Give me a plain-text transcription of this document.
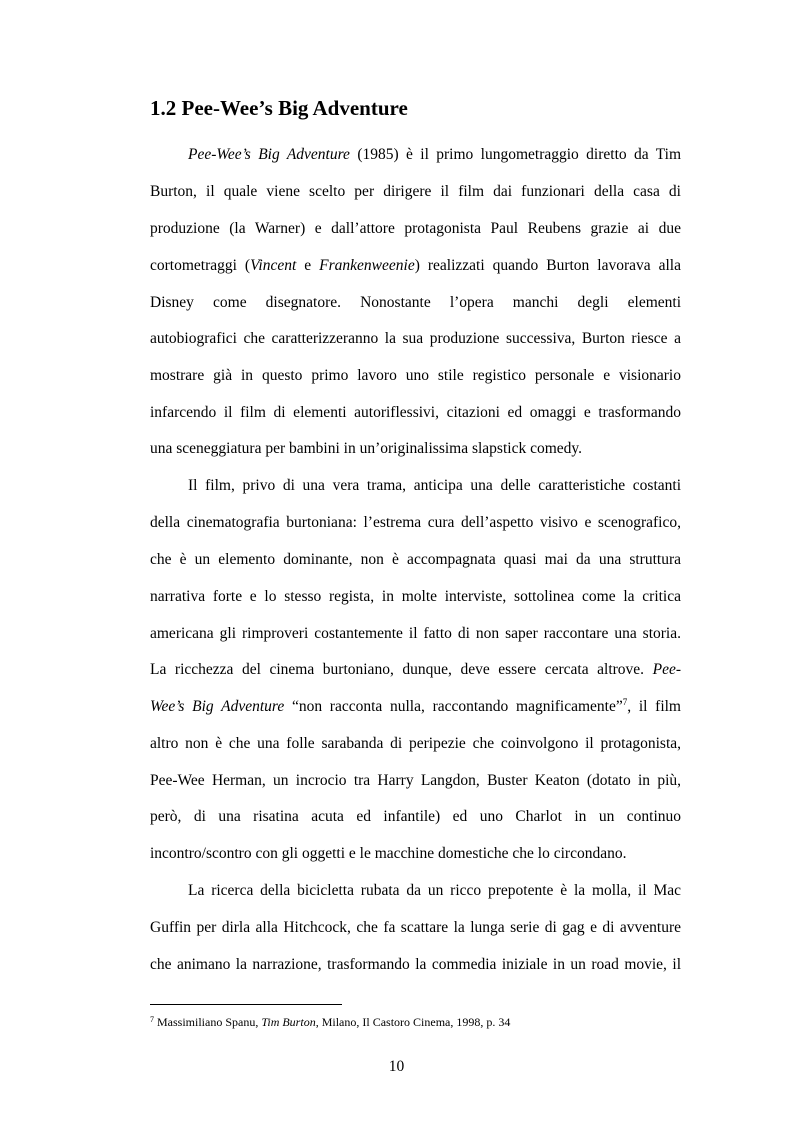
1.2 Pee-Wee’s Big Adventure
Pee-Wee’s Big Adventure (1985) è il primo lungometraggio diretto da Tim
Burton, il quale viene scelto per dirigere il film dai funzionari della casa di
produzione (la Warner) e dall’attore protagonista Paul Reubens grazie ai due
cortometraggi (Vincent e Frankenweenie) realizzati quando Burton lavorava alla
Disney come disegnatore. Nonostante l’opera manchi degli elementi
autobiografici che caratterizzeranno la sua produzione successiva, Burton riesce a
mostrare già in questo primo lavoro uno stile registico personale e visionario
infarcendo il film di elementi autoriflessivi, citazioni ed omaggi e trasformando
una sceneggiatura per bambini in un’originalissima slapstick comedy.
Il film, privo di una vera trama, anticipa una delle caratteristiche costanti
della cinematografia burtoniana: l’estrema cura dell’aspetto visivo e scenografico,
che è un elemento dominante, non è accompagnata quasi mai da una struttura
narrativa forte e lo stesso regista, in molte interviste, sottolinea come la critica
americana gli rimproveri costantemente il fatto di non saper raccontare una storia.
La ricchezza del cinema burtoniano, dunque, deve essere cercata altrove. Pee-
Wee’s Big Adventure “non racconta nulla, raccontando magnificamente”$^7$, il film
altro non è che una folle sarabanda di peripezie che coinvolgono il protagonista,
Pee-Wee Herman, un incrocio tra Harry Langdon, Buster Keaton (dotato in più,
però, di una risatina acuta ed infantile) ed uno Charlot in un continuo
incontro/scontro con gli oggetti e le macchine domestiche che lo circondano.
La ricerca della bicicletta rubata da un ricco prepotente è la molla, il Mac
Guffin per dirla alla Hitchcock, che fa scattare la lunga serie di gag e di avventure
che animano la narrazione, trasformando la commedia iniziale in un road movie, il
$^7$ Massimiliano Spanu, Tim Burton, Milano, Il Castoro Cinema, 1998, p. 34
10
